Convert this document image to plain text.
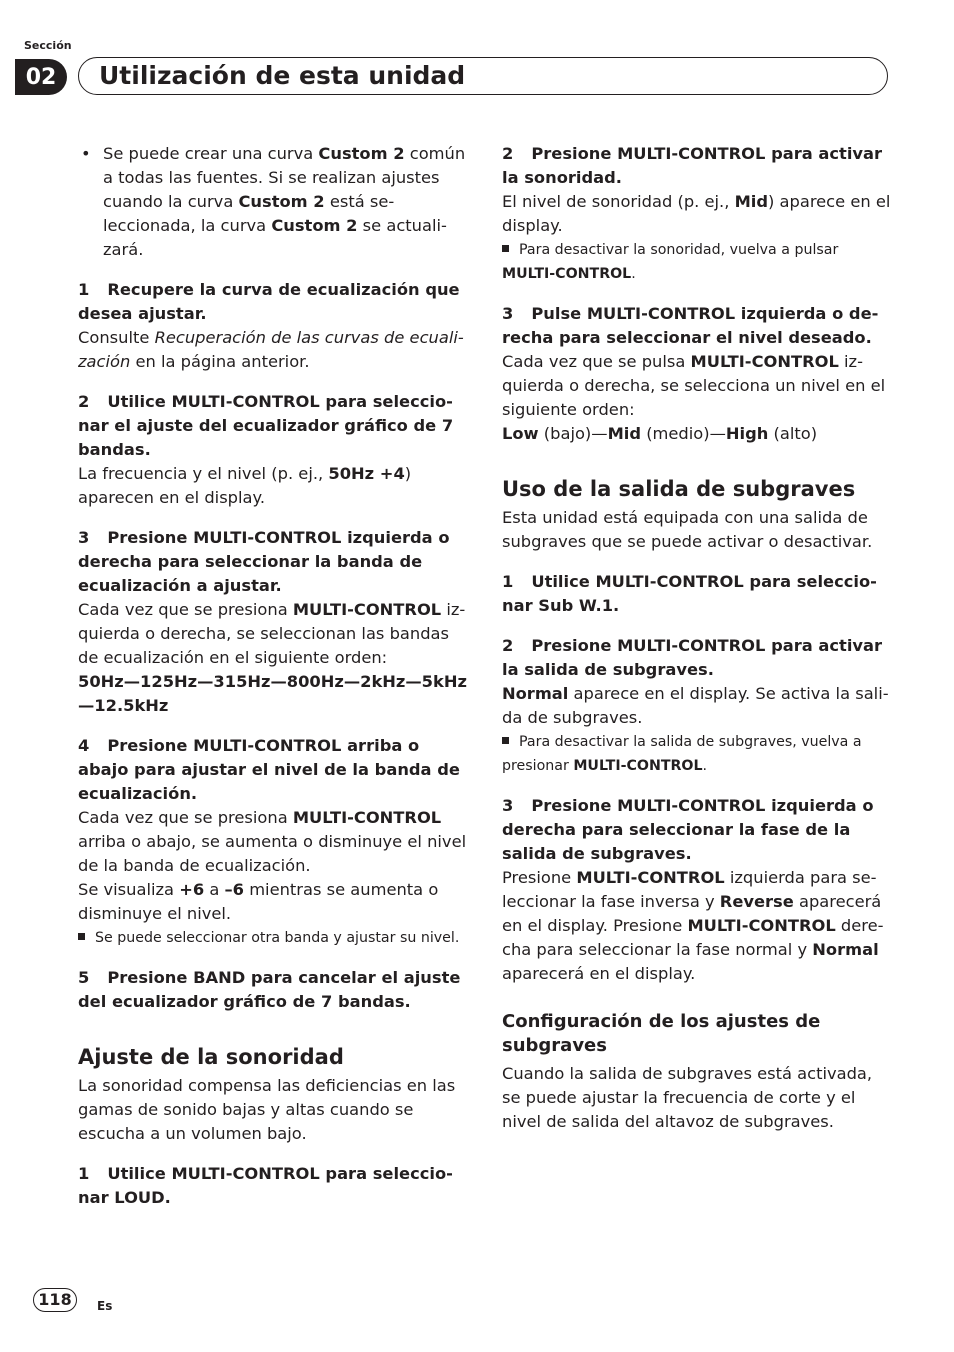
Sección
02	Utilización de esta unidad

• Se puede crear una curva Custom 2 común a todas las fuentes. Si se realizan ajustes cuando la curva Custom 2 está seleccionada, la curva Custom 2 se actualizará.

1 Recupere la curva de ecualización que desea ajustar.

Consulte Recuperación de las curvas de ecualización en la página anterior.

2 Utilice MULTI-CONTROL para seleccionar el ajuste del ecualizador gráfico de 7 bandas.

La frecuencia y el nivel (p. ej., 50Hz +4) aparecen en el display.

3 Presione MULTI-CONTROL izquierda o derecha para seleccionar la banda de ecualización a ajustar.

Cada vez que se presiona MULTI-CONTROL izquierda o derecha, se seleccionan las bandas de ecualización en el siguiente orden:

50Hz—125Hz—315Hz—800Hz—2kHz—5kHz—12.5kHz

4 Presione MULTI-CONTROL arriba o abajo para ajustar el nivel de la banda de ecualización.

Cada vez que se presiona MULTI-CONTROL arriba o abajo, se aumenta o disminuye el nivel de la banda de ecualización.

Se visualiza +6 a –6 mientras se aumenta o disminuye el nivel.

Se puede seleccionar otra banda y ajustar su nivel.

5 Presione BAND para cancelar el ajuste del ecualizador gráfico de 7 bandas.

Ajuste de la sonoridad

La sonoridad compensa las deficiencias en las gamas de sonido bajas y altas cuando se escucha a un volumen bajo.

1 Utilice MULTI-CONTROL para seleccionar LOUD.

2 Presione MULTI-CONTROL para activar la sonoridad.

El nivel de sonoridad (p. ej., Mid) aparece en el display.

Para desactivar la sonoridad, vuelva a pulsar MULTI-CONTROL.

3 Pulse MULTI-CONTROL izquierda o derecha para seleccionar el nivel deseado.

Cada vez que se pulsa MULTI-CONTROL izquierda o derecha, se selecciona un nivel en el siguiente orden:

Low (bajo)—Mid (medio)—High (alto)

Uso de la salida de subgraves

Esta unidad está equipada con una salida de subgraves que se puede activar o desactivar.

1 Utilice MULTI-CONTROL para seleccionar Sub W.1.

2 Presione MULTI-CONTROL para activar la salida de subgraves.

Normal aparece en el display. Se activa la salida de subgraves.

Para desactivar la salida de subgraves, vuelva a presionar MULTI-CONTROL.

3 Presione MULTI-CONTROL izquierda o derecha para seleccionar la fase de la salida de subgraves.

Presione MULTI-CONTROL izquierda para seleccionar la fase inversa y Reverse aparecerá en el display. Presione MULTI-CONTROL derecha para seleccionar la fase normal y Normal aparecerá en el display.

Configuración de los ajustes de subgraves

Cuando la salida de subgraves está activada, se puede ajustar la frecuencia de corte y el nivel de salida del altavoz de subgraves.

118	Es
